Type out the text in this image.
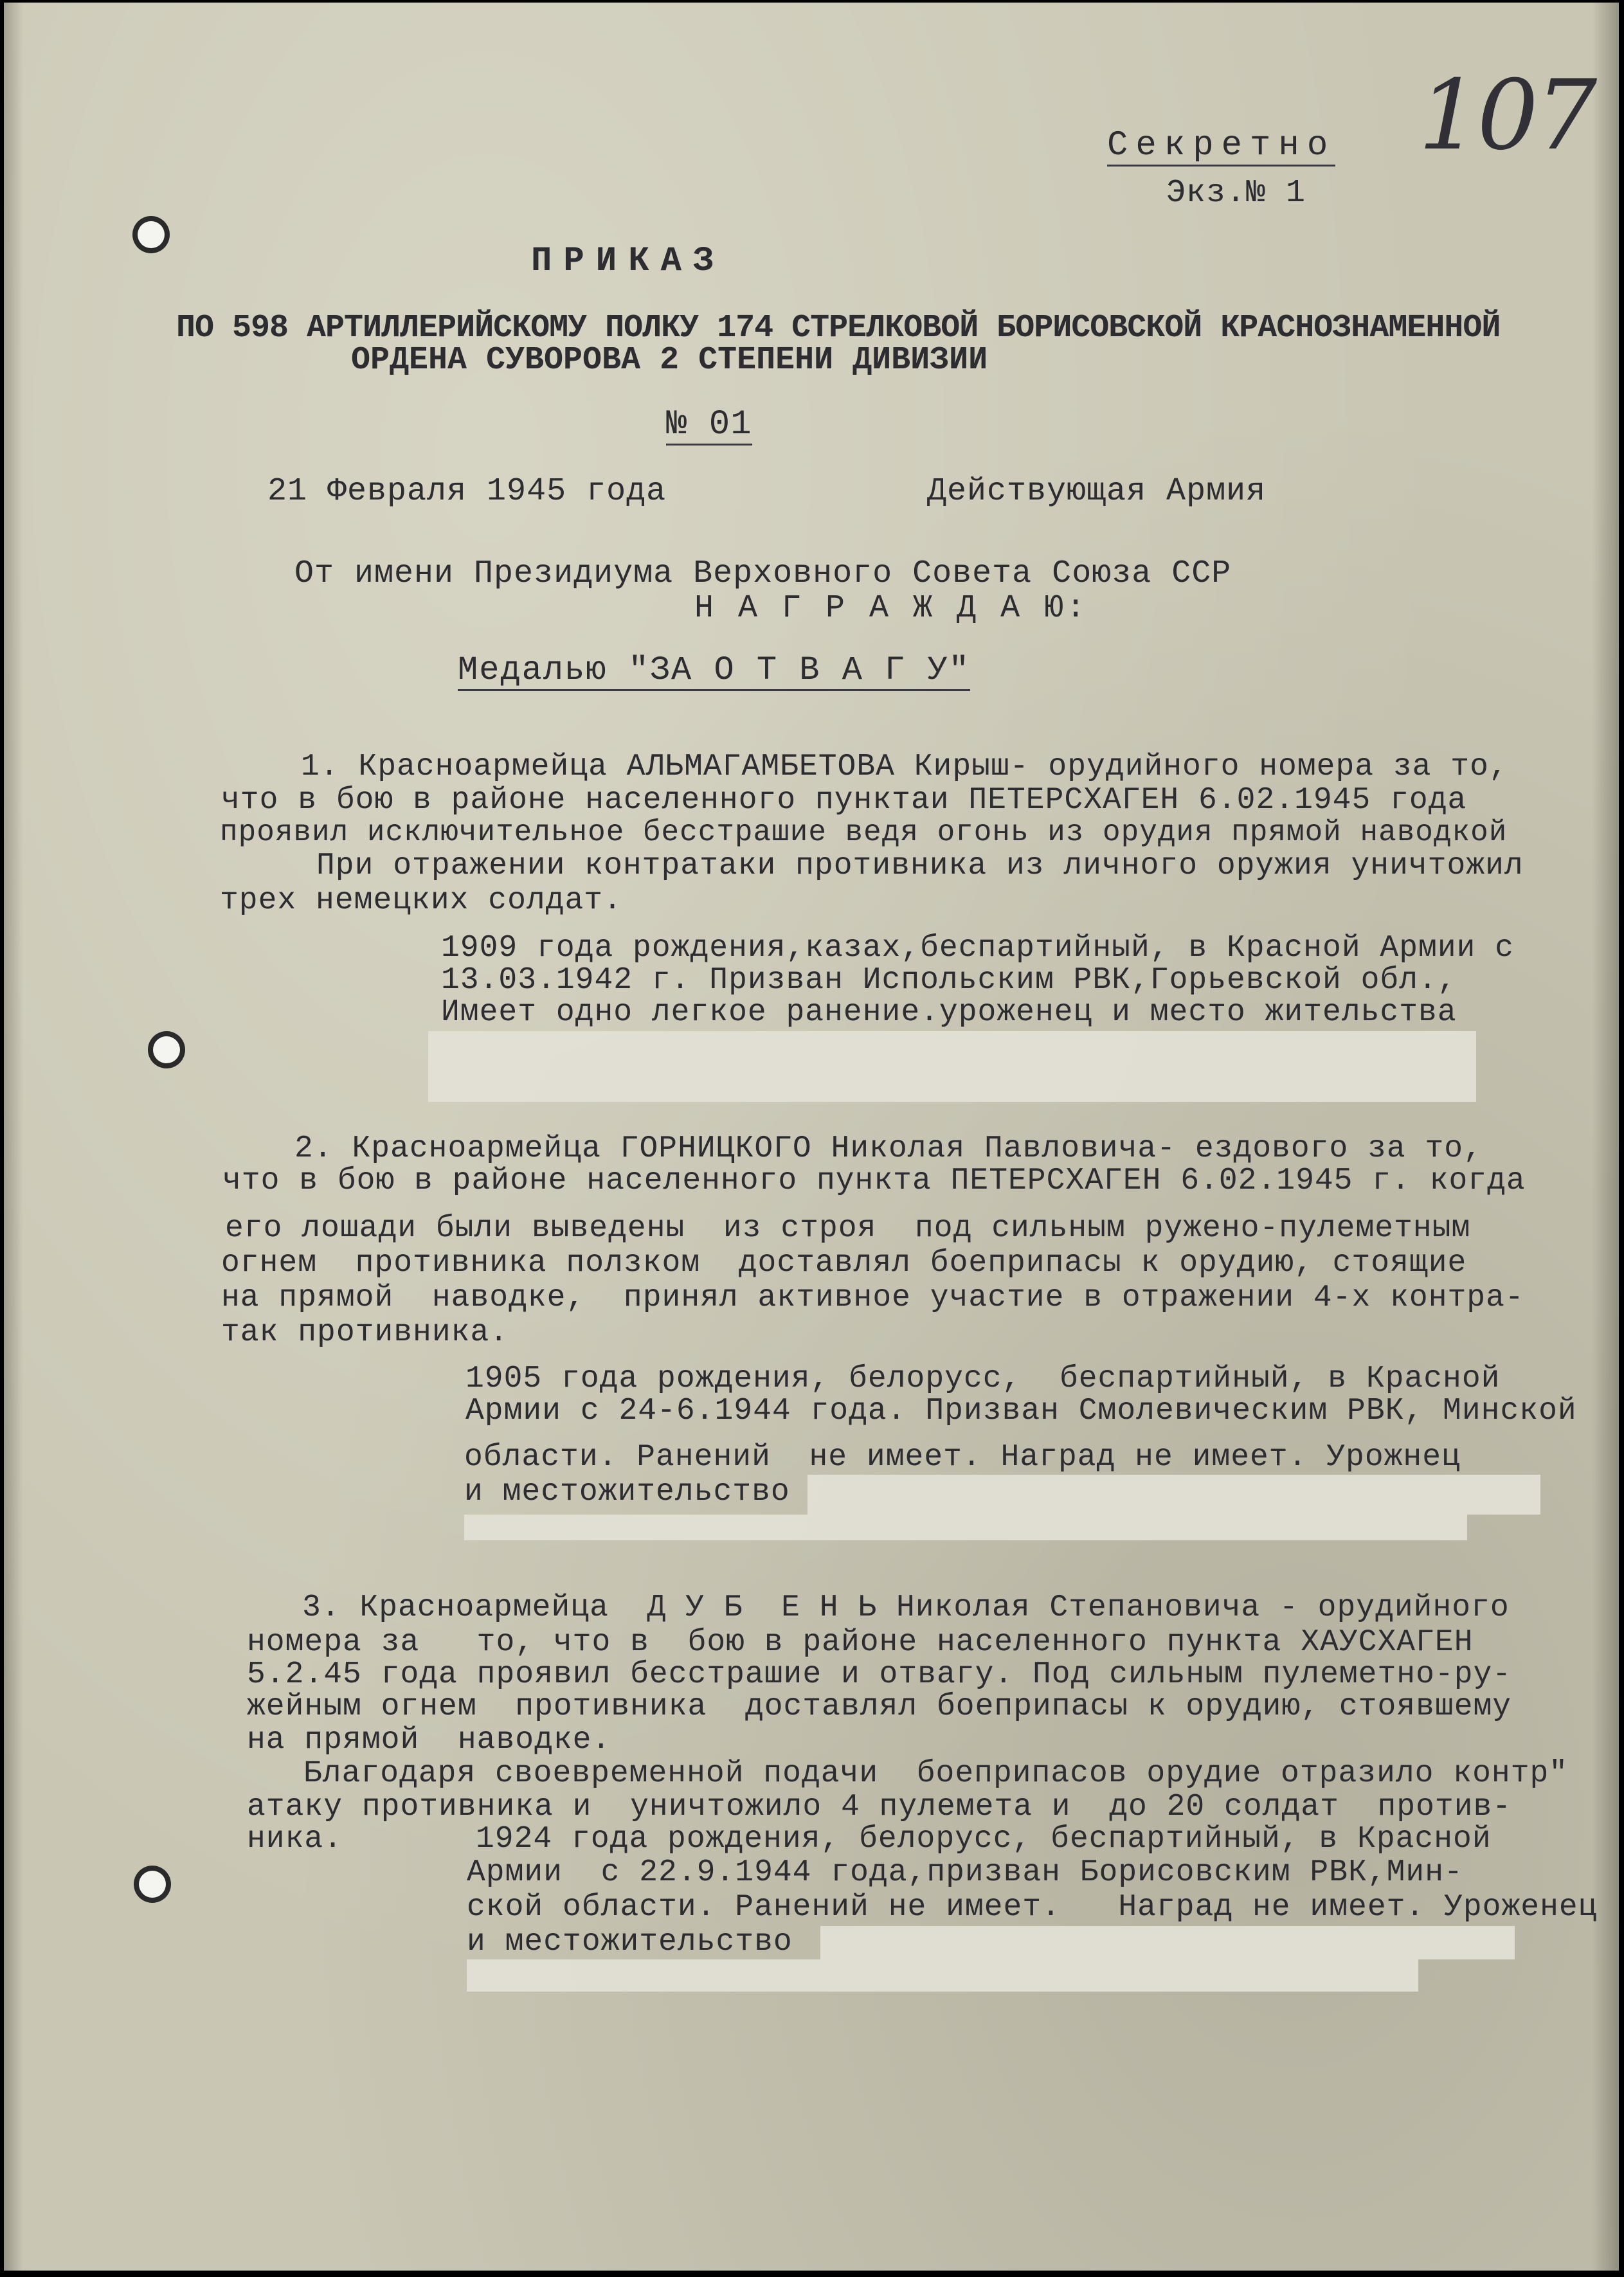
Секретно
Экз.№ 1
107
ПРИКАЗ
ПО 598 АРТИЛЛЕРИЙСКОМУ ПОЛКУ 174 СТРЕЛКОВОЙ БОРИСОВСКОЙ КРАСНОЗНАМЕННОЙ
ОРДЕНА СУВОРОВА 2 СТЕПЕНИ ДИВИЗИИ
№ 01
21 Февраля 1945 года	Действующая Армия
От имени Президиума Верховного Совета Союза ССР
Н А Г Р А Ж Д А Ю:
Медалью "ЗА О Т В А Г У"
1. Красноармейца АЛЬМАГАМБЕТОВА Кирыш- орудийного номера за то,
что в бою в районе населенного пунктаи ПЕТЕРСХАГЕН 6.02.1945 года
проявил исключительное бесстрашие ведя огонь из орудия прямой наводкой
При отражении контратаки противника из личного оружия уничтожил
трех немецких солдат.
1909 года рождения,казах,беспартийный, в Красной Армии с
13.03.1942 г. Призван Испольским РВК,Горьевской обл.,
Имеет одно легкое ранение.уроженец и место жительства
2. Красноармейца ГОРНИЦКОГО Николая Павловича- ездового за то,
что в бою в районе населенного пункта ПЕТЕРСХАГЕН 6.02.1945 г. когда
его лошади были выведены  из строя  под сильным ружено-пулеметным
огнем  противника ползком  доставлял боеприпасы к орудию, стоящие
на прямой  наводке,  принял активное участие в отражении 4-х контра-
так противника.
1905 года рождения, белорусс,  беспартийный, в Красной
Армии с 24-6.1944 года. Призван Смолевическим РВК, Минской
области. Ранений  не имеет. Наград не имеет. Урожнец
и местожительство
3. Красноармейца  Д У Б  Е Н Ь Николая Степановича - орудийного
номера за   то, что в  бою в районе населенного пункта ХАУСХАГЕН
5.2.45 года проявил бесстрашие и отвагу. Под сильным пулеметно-ру-
жейным огнем  противника  доставлял боеприпасы к орудию, стоявшему
на прямой  наводке.
Благодаря своевременной подачи  боеприпасов орудие отразило контр"
атаку противника и  уничтожило 4 пулемета и  до 20 солдат  против-
ника.	1924 года рождения, белорусс, беспартийный, в Красной
Армии  с 22.9.1944 года,призван Борисовским РВК,Мин-
ской области. Ранений не имеет.   Наград не имеет. Уроженец
и местожительство
